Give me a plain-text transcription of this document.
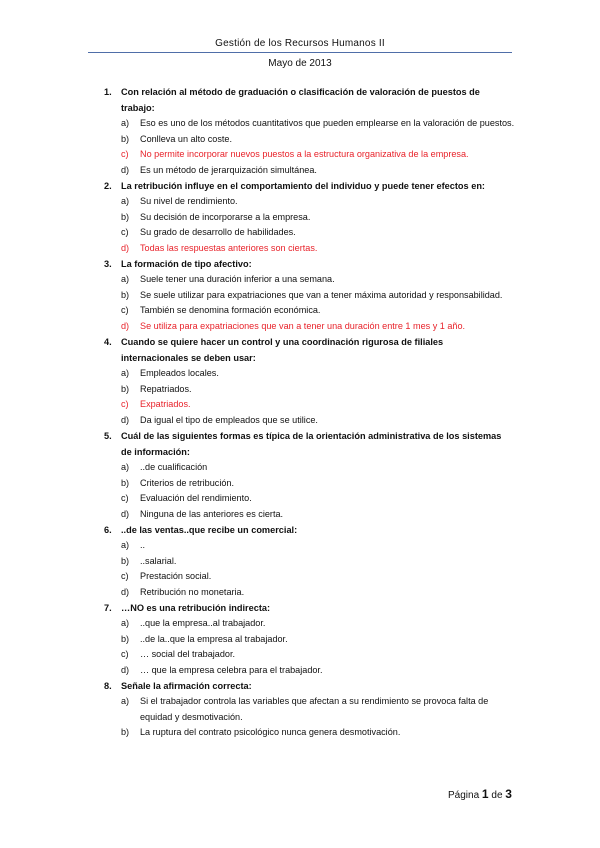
Gestión de los Recursos Humanos II
Mayo de 2013
1. Con relación al método de graduación o clasificación de valoración de puestos de trabajo:
a) Eso es uno de los métodos cuantitativos que pueden emplearse en la valoración de puestos.
b) Conlleva un alto coste.
c) No permite incorporar nuevos puestos a la estructura organizativa de la empresa.
d) Es un método de jerarquización simultánea.
2. La retribución influye en el comportamiento del individuo y puede tener efectos en:
a) Su nivel de rendimiento.
b) Su decisión de incorporarse a la empresa.
c) Su grado de desarrollo de habilidades.
d) Todas las respuestas anteriores son ciertas.
3. La formación de tipo afectivo:
a) Suele tener una duración inferior a una semana.
b) Se suele utilizar para expatriaciones que van a tener máxima autoridad y responsabilidad.
c) También se denomina formación económica.
d) Se utiliza para expatriaciones que van a tener una duración entre 1 mes y 1 año.
4. Cuando se quiere hacer un control y una coordinación rigurosa de filiales internacionales se deben usar:
a) Empleados locales.
b) Repatriados.
c) Expatriados.
d) Da igual el tipo de empleados que se utilice.
5. Cuál de las siguientes formas es típica de la orientación administrativa de los sistemas de información:
a) ..de cualificación
b) Criterios de retribución.
c) Evaluación del rendimiento.
d) Ninguna de las anteriores es cierta.
6. ..de las ventas..que recibe un comercial:
a) ..
b) ..salarial.
c) Prestación social.
d) Retribución no monetaria.
7. …NO es una retribución indirecta:
a) ..que la empresa..al trabajador.
b) ..de la..que la empresa al trabajador.
c) … social del trabajador.
d) … que la empresa celebra para el trabajador.
8. Señale la afirmación correcta:
a) Si el trabajador controla las variables que afectan a su rendimiento se provoca falta de equidad y desmotivación.
b) La ruptura del contrato psicológico nunca genera desmotivación.
Página 1 de 3
